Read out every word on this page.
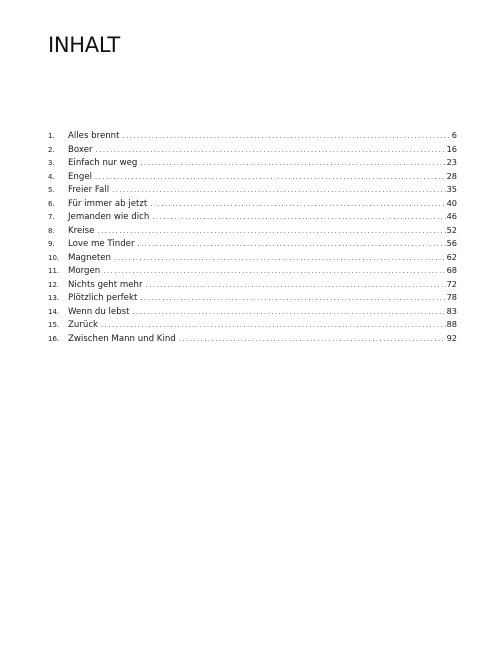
INHALT
1.	Alles brennt . . .	6
2.	Boxer . . .	16
3.	Einfach nur weg . . .	23
4.	Engel . . .	28
5.	Freier Fall . . .	35
6.	Für immer ab jetzt . . .	40
7.	Jemanden wie dich . . .	46
8.	Kreise . . .	52
9.	Love me Tinder . . .	56
10.	Magneten . . .	62
11.	Morgen . . .	68
12.	Nichts geht mehr . . .	72
13.	Plötzlich perfekt . . .	78
14.	Wenn du lebst . . .	83
15.	Zurück . . .	88
16.	Zwischen Mann und Kind . . .	92
